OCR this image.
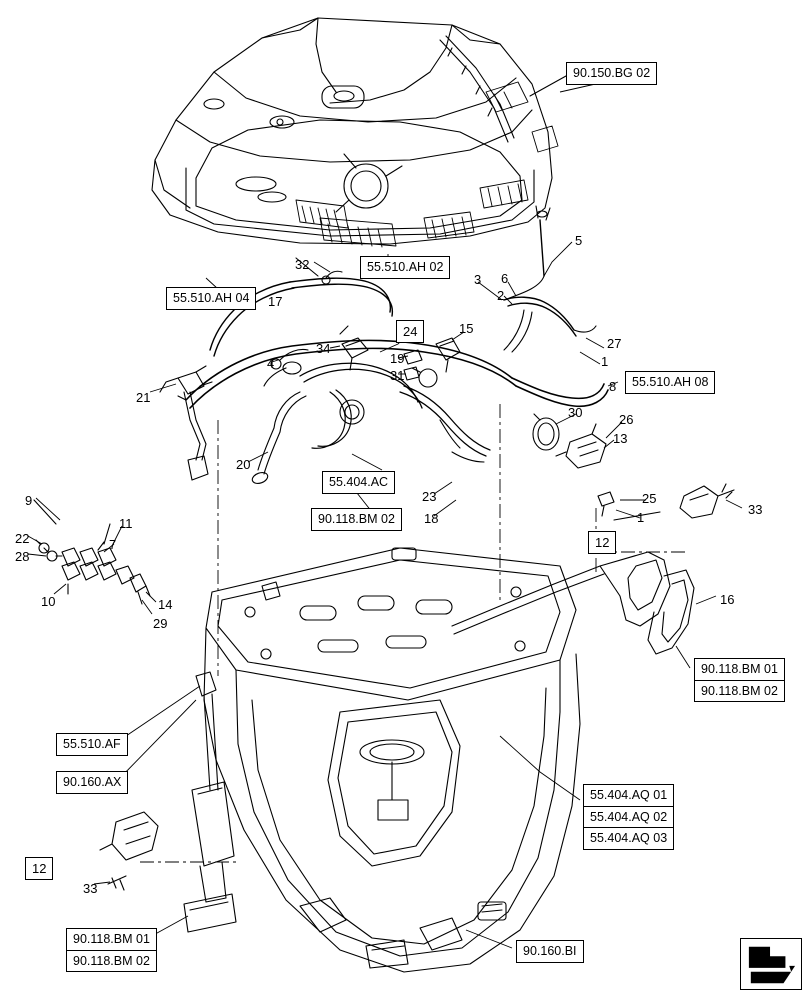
90.150.BG 02
55.510.AH 02
55.510.AH 04
55.510.AH 08
55.404.AC
90.118.BM 02
90.118.BM 01
90.118.BM 02
55.510.AF
90.160.AX
55.404.AQ 01
55.404.AQ 02
55.404.AQ 03
90.118.BM 01
90.118.BM 02
90.160.BI
12
12
24
32
5
3 6
2
17
27
1
15
34
19
4
31
8
21
30	26
13
20
25
1
33
23
18
9
22
28
11
7
10	14
29
16
33
